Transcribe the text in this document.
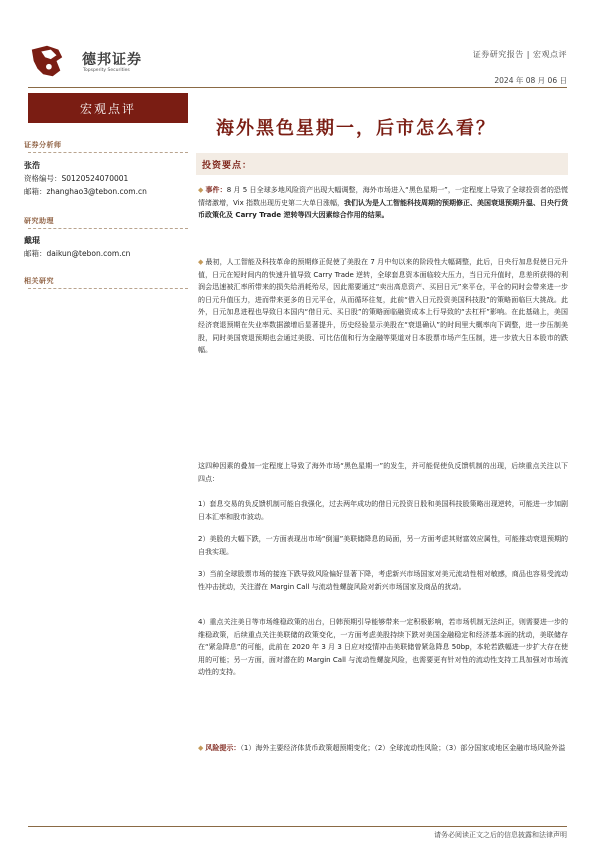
德邦证券
Topsperity Securities
证券研究报告 | 宏观点评
2024 年 08 月 06 日
宏观点评
证券分析师
张浩
资格编号：S0120524070001
邮箱：zhanghao3@tebon.com.cn
研究助理
戴琨
邮箱：daikun@tebon.com.cn
相关研究
海外黑色星期一，后市怎么看？
投资要点：
◆ 事件：8 月 5 日全球多地风险资产出现大幅调整，海外市场进入“黑色星期一”，一定程度上导致了全球投资者的恐慌情绪激增，Vix 指数出现历史第二大单日涨幅，我们认为是人工智能科技周期的预期修正、美国衰退预期升温、日央行货币政策化及 Carry Trade 逆转等四大因素综合作用的结果。
◆ 最初，人工智能及科技革命的预期修正促使了美股在 7 月中旬以来的阶段性大幅调整，此后，日央行加息促使日元升值，日元在短时间内的快速升值导致 Carry Trade 逆转，全球套息资本面临较大压力，当日元升值时，息差所获得的利润会迅速被汇率所带来的损失给消耗殆尽，因此需要通过“卖出高息资产、买回日元”来平仓，平仓的同时会带来进一步的日元升值压力，进而带来更多的日元平仓，从而循环往复，此前“借入日元投资美国科技股”的策略面临巨大挑战。此外，日元加息进程也导致日本国内“借日元、买日股”的策略面临融资成本上行导致的“去杠杆”影响。在此基础上，美国经济衰退预期在失业率数据激增后显著提升，历史经验显示美股在“衰退确认”的时间里大概率向下调整，进一步压制美股，同时美国衰退预期也会通过美股、可比估值和行为金融等渠道对日本股票市场产生压制，进一步放大日本股市的跌幅。
这四种因素的叠加一定程度上导致了海外市场“黑色星期一”的发生，并可能促使负反馈机制的出现，后续重点关注以下四点：
1）套息交易的负反馈机制可能自我强化，过去两年成功的借日元投资日股和美国科技股策略出现逆转，可能进一步加剧日本汇率和股市波动。
2）美股的大幅下跌，一方面表现出市场“倒逼”美联储降息的局面，另一方面考虑其财富效应属性，可能推动衰退预期的自我实现。
3）当前全球股票市场的接连下跌导致风险偏好显著下降，考虑新兴市场国家对美元流动性相对敏感，商品也容易受流动性冲击扰动，关注潜在 Margin Call 与流动性螺旋风险对新兴市场国家及商品的扰动。
4）重点关注美日等市场维稳政策的出台，日韩预期引导能够带来一定积极影响，若市场机制无法纠正，则需要进一步的维稳政策，后续重点关注美联储的政策变化，一方面考虑美股持续下跌对美国金融稳定和经济基本面的扰动，美联储存在“紧急降息”的可能，此前在 2020 年 3 月 3 日应对疫情冲击美联储曾紧急降息 50bp，本轮若跌幅进一步扩大存在使用的可能；另一方面，面对潜在的 Margin Call 与流动性螺旋风险，也需要更有针对性的流动性支持工具加强对市场流动性的支持。
◆ 风险提示：（1）海外主要经济体货币政策超预期变化；（2）全球流动性风险；（3）部分国家或地区金融市场风险外溢
请务必阅读正文之后的信息披露和法律声明
